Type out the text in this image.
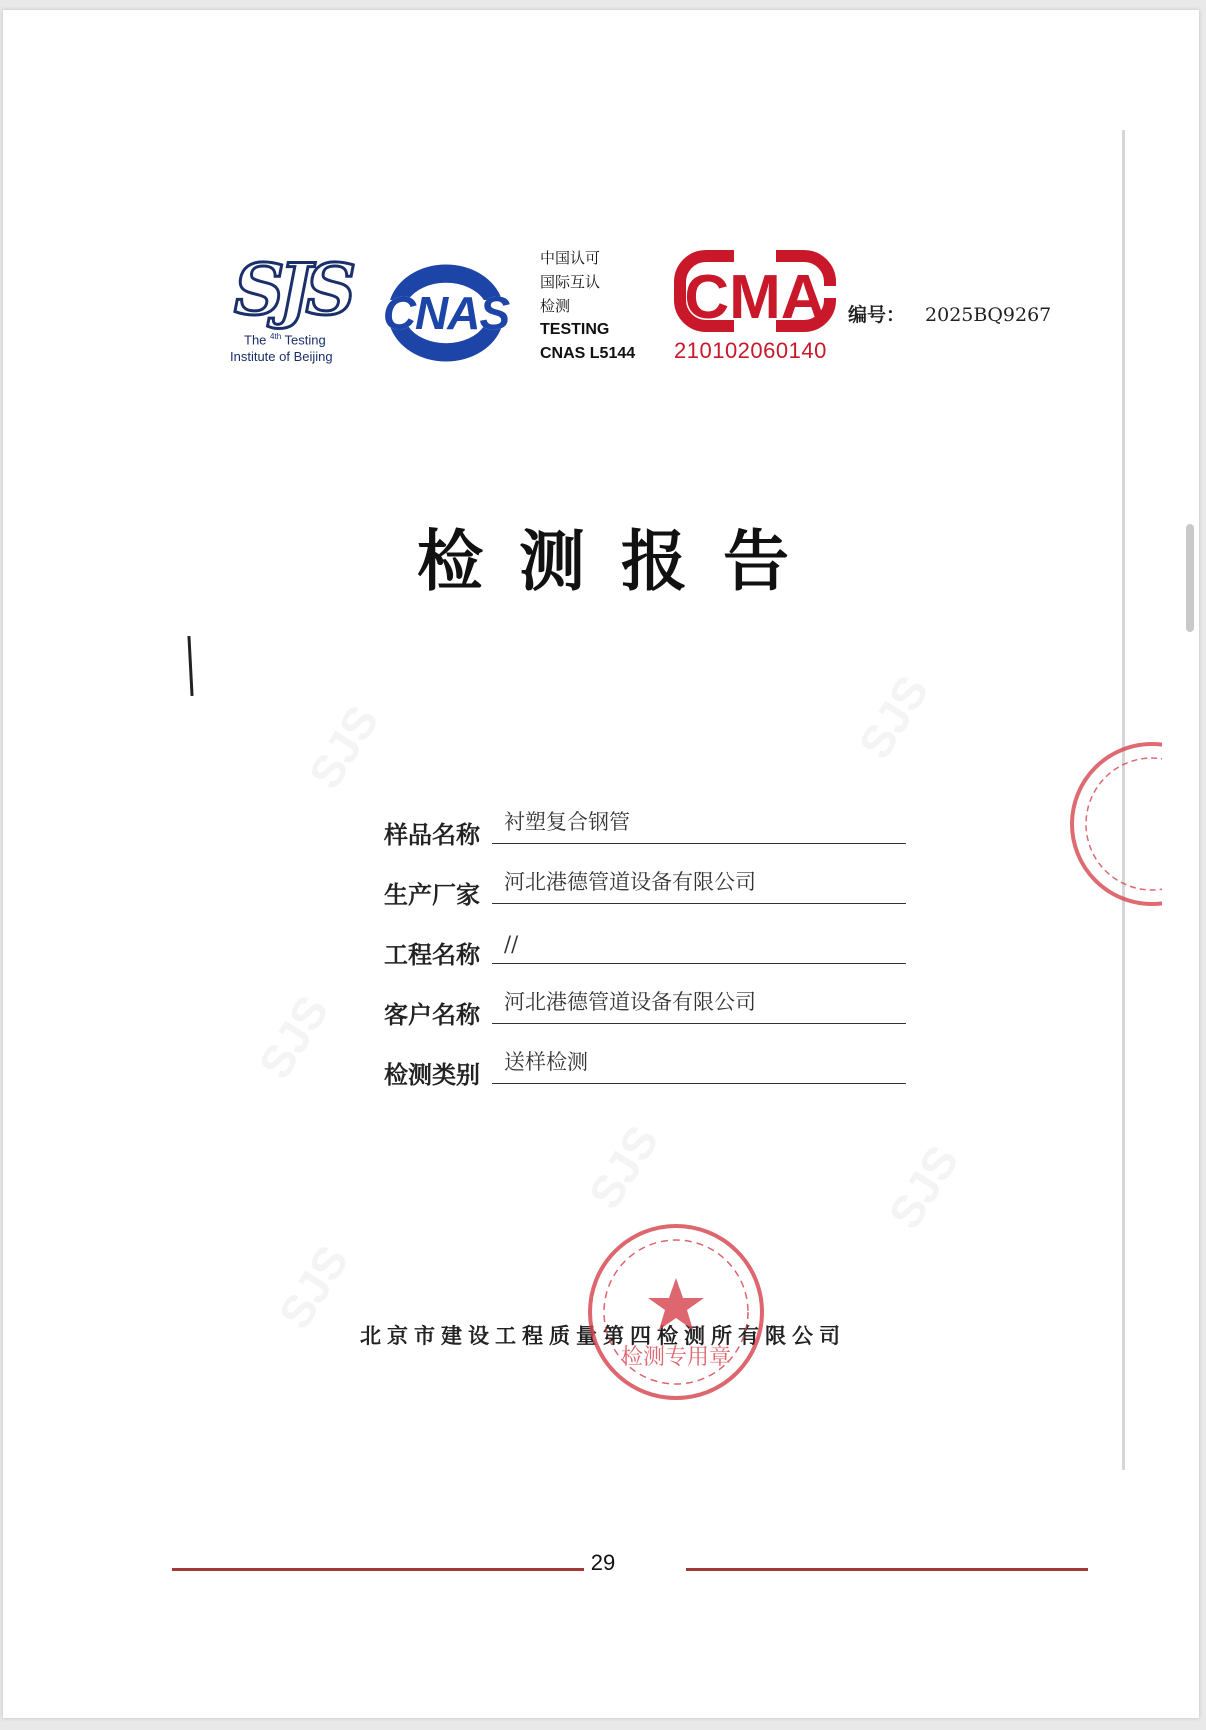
SJS
The $^{4th}$ Testing
Institute of Beijing
CNAS
中国认可
国际互认
检测
TESTING
CNAS L5144
CMA
210102060140
编号： 2025BQ9267
检测报告
样品名称 衬塑复合钢管
生产厂家 河北港德管道设备有限公司
工程名称 //
客户名称 河北港德管道设备有限公司
检测类别 送样检测
北京市建设工程质量第四检测所有限公司
检测专用章
29
